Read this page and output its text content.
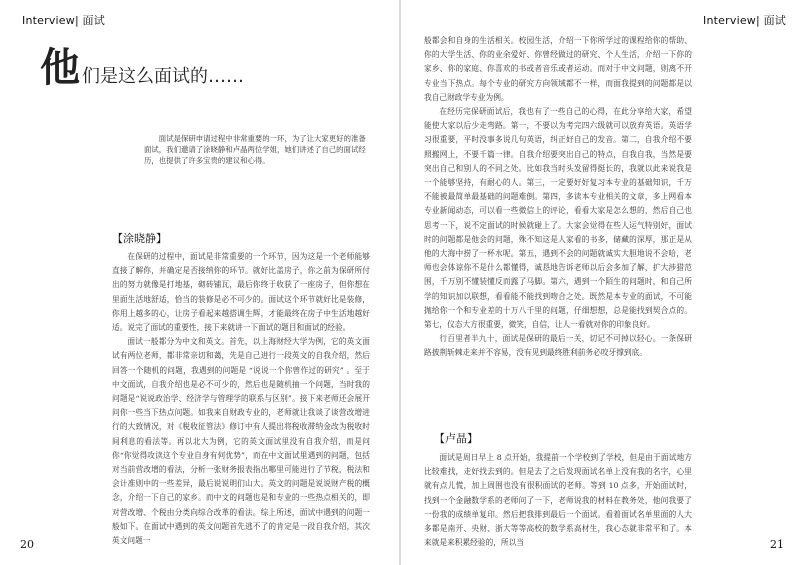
Interview| 面试
他们是这么面试的……
面试是保研申请过程中非常重要的一环，为了让大家更好的准备面试，我们邀请了涂晓静和卢晶两位学姐，她们讲述了自己的面试经历，也提供了许多宝贵的建议和心得。
【涂晓静】

在保研的过程中，面试是非常重要的一个环节，因为这是一个老师能够直接了解你，并确定是否接纳你的环节。就好比盖房子，你之前为保研所付出的努力就像是打地基，砌砖铺瓦，最后你终于收获了一座房子，但你想在里面生活地舒适，恰当的装修是必不可少的。面试这个环节就好比是装修，你用上越多的心，让房子看起来越搭调生辉，才能最终在房子中生活地越好适。说完了面试的重要性，接下来就讲一下面试的题目和面试的经验。

面试一般都分为中文和英文。首先，以上海财经大学为例，它的英文面试有两位老师，都非常亲切和蔼，先是自己进行一段英文的自我介绍，然后回答一个随机的问题，我遇到的问题是 “说说一个你曾作过的研究” 。至于中文面试，自我介绍也是必不可少的，然后也是随机抽一个问题，当时我的问题是“说说政治学、经济学与管理学的联系与区别”。接下来老师还会展开问你一些当下热点问题。如我来自财政专业的，老师就让我谈了谈营改增进行的大致情况，对《税收征管法》修订中有人提出将税收滞纳金改为税收时间利息的看法等。再以北大为例，它的英文面试里没有自我介绍，而是问你“你觉得攻读这个专业自身有何优势”，而在中文面试里遇到的问题，包括对当前营改增的看法，分析一张财务报表指出哪里可能进行了节税，税法和会计准则中的一些差异，最后说说明们山大。英文的问题是说说财产税的概念，介绍一下自己的家乡。而中文的问题也是和专业的一些热点相关的，即对营改增、个税由分类向综合改革的看法。综上所述，面试中遇到的问题一般如下。在面试中遇到的英文问题首先逃不了的肯定是一段自我介绍，其次英文问题一

20
Interview| 面试

般都会和自身的生活相关。校园生活，介绍一下你所学过的课程给你的帮助、你的大学生活、你的业余爱好、你曾经做过的研究、个人生活，介绍一下你的家乡、你的家庭、你喜欢的书或者音乐或者运动。而对于中文问题，则离不开专业当下热点。每个专业的研究方向领域都不一样，而面我提到的问题都是以我自己财政学专业为例。

在经历完保研面试后，我也有了一些自己的心得，在此分享给大家，希望能使大家以后少走弯路。第一，不要以为考完四六级就可以放弃英语。英语学习很重要，平时没事多说几句英语，纠正好自己的发音。第二，自我介绍不要照搬网上，不要千篇一律。自我介绍要突出自己的特点，自我自我，当然是要突出自己和别人的不同之处。比如我当时头发留得挺长的，我就以此来说我是一个能够坚持，有耐心的人。第三，一定要好好复习本专业的基础知识，千万不能被最简单最基础的问题难倒。第四，多读本专业相关的文章，多上网看本专业新闻动态，可以看一些微信上的评论，看看大家是怎么想的，然后自己也思考一下，说不定面试的时候就碰上了。大家会觉得在些人运气特别好，面试时的问题都是他会的问题，殊不知这是人家看的书多，储藏的深厚，那正是从他的大海中捞了一杯水呢。第五，遇到不会的问题就诚实大胆地说不会哈，老师也会体谅你不是什么都懂得，诚恳地告诉老师以后会多加了解，扩大涉猎范围，千万别不懂装懂反而露了马脚。第六，遇到一个陌生的问题时，和自己所学的知识加以联想，看看能不能找到吻合之处。既然是本专业的面试，不可能抛给你一个和专业差的十万八千里的问题，仔细想想，总是能找到契合点的。第七，仪态大方很重要，微笑，自信，让人一看就对你的印象良好。

行百里者半九十，面试是保研的最后一关，切记不可掉以轻心。一条保研路披荆斩棘走来并不容易，没有见到最终胜利前务必咬牙撑到底。

【卢晶】

面试是周日早上 8 点开始，我提前一个学校到了学校，但是由于面试地方比较难找，走好找去到的。但是去了之后发现面试名单上没有我的名字，心里就有点儿慌，加上周围也没有很积面试的老师。等到 10 点多，开始面试时，找到一个金融数学系的老师问了一下，老师说我的材料在教务处，他问我要了一份我的成绩单复印。然后把我排到最后一个面试。看着面试名单里面的人大多都是南开、央财、浙大等等高校的数学系高材生，我心态就非常平和了。本来就是来积累经验的，所以当	21
